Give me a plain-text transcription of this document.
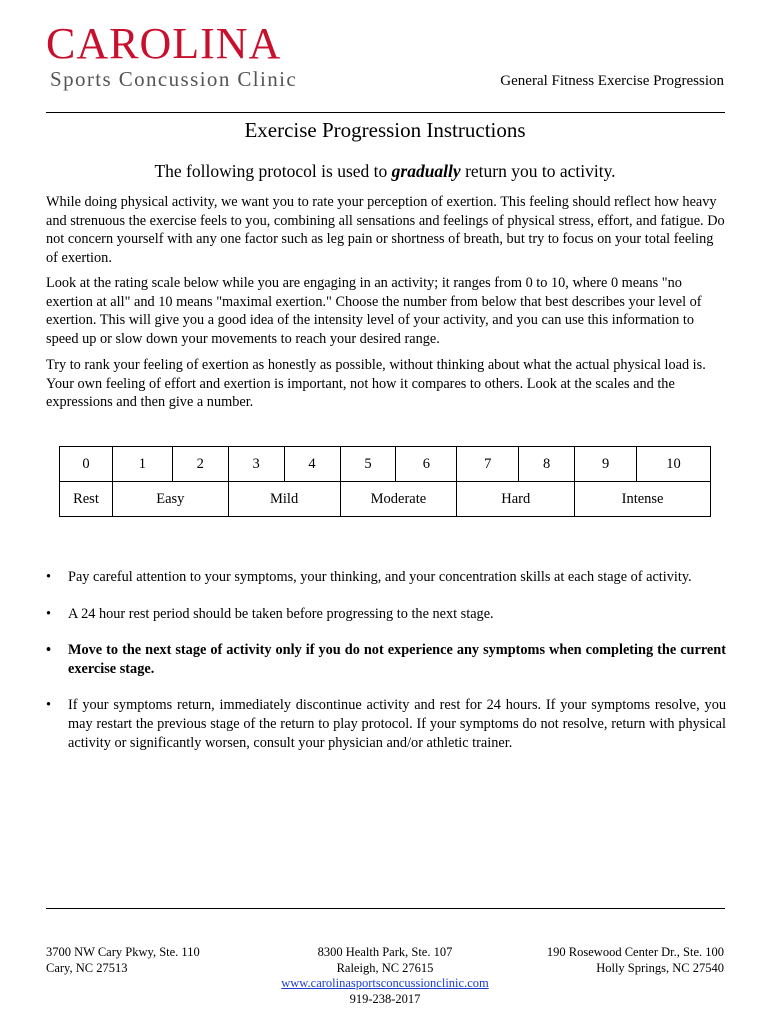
CAROLINA
Sports Concussion Clinic	General Fitness Exercise Progression
Exercise Progression Instructions
The following protocol is used to gradually return you to activity.

While doing physical activity, we want you to rate your perception of exertion. This feeling should reflect how heavy and strenuous the exercise feels to you, combining all sensations and feelings of physical stress, effort, and fatigue. Do not concern yourself with any one factor such as leg pain or shortness of breath, but try to focus on your total feeling of exertion.

Look at the rating scale below while you are engaging in an activity; it ranges from 0 to 10, where 0 means "no exertion at all" and 10 means "maximal exertion." Choose the number from below that best describes your level of exertion. This will give you a good idea of the intensity level of your activity, and you can use this information to speed up or slow down your movements to reach your desired range.

Try to rank your feeling of exertion as honestly as possible, without thinking about what the actual physical load is. Your own feeling of effort and exertion is important, not how it compares to others. Look at the scales and the expressions and then give a number.

0	1	2	3	4	5	6	7	8	9	10
Rest	Easy		Mild		Moderate		Hard		Intense	
• Pay careful attention to your symptoms, your thinking, and your concentration skills at each stage of activity.
• A 24 hour rest period should be taken before progressing to the next stage.
• Move to the next stage of activity only if you do not experience any symptoms when completing the current exercise stage.
• If your symptoms return, immediately discontinue activity and rest for 24 hours. If your symptoms resolve, you may restart the previous stage of the return to play protocol. If your symptoms do not resolve, return with physical activity or significantly worsen, consult your physician and/or athletic trainer.
3700 NW Cary Pkwy, Ste. 110
Cary, NC 27513
8300 Health Park, Ste. 107
Raleigh, NC 27615
www.carolinasportsconcussionclinic.com
919-238-2017
190 Rosewood Center Dr., Ste. 100
Holly Springs, NC 27540
